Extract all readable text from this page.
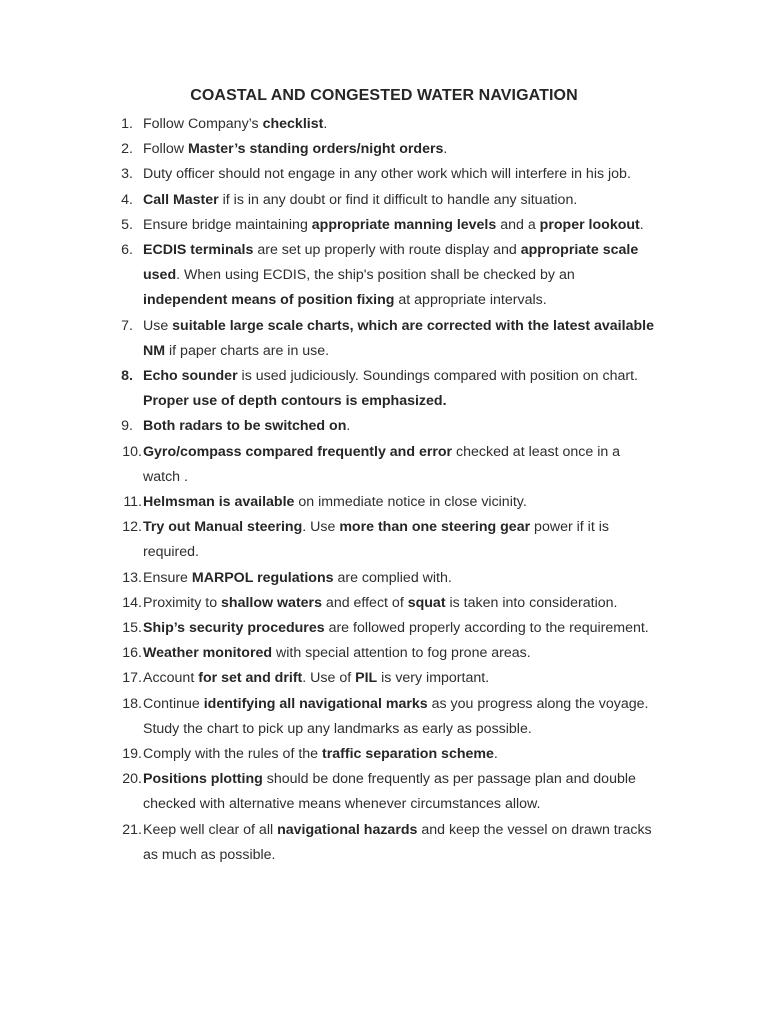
COASTAL AND CONGESTED WATER NAVIGATION
1. Follow Company’s checklist.
2. Follow Master’s standing orders/night orders.
3. Duty officer should not engage in any other work which will interfere in his job.
4. Call Master if is in any doubt or find it difficult to handle any situation.
5. Ensure bridge maintaining appropriate manning levels and a proper lookout.
6. ECDIS terminals are set up properly with route display and appropriate scale used. When using ECDIS, the ship's position shall be checked by an independent means of position fixing at appropriate intervals.
7. Use suitable large scale charts, which are corrected with the latest available NM if paper charts are in use.
8. Echo sounder is used judiciously. Soundings compared with position on chart. Proper use of depth contours is emphasized.
9. Both radars to be switched on.
10. Gyro/compass compared frequently and error checked at least once in a watch .
11. Helmsman is available on immediate notice in close vicinity.
12. Try out Manual steering. Use more than one steering gear power if it is required.
13. Ensure MARPOL regulations are complied with.
14. Proximity to shallow waters and effect of squat is taken into consideration.
15. Ship’s security procedures are followed properly according to the requirement.
16. Weather monitored with special attention to fog prone areas.
17. Account for set and drift. Use of PIL is very important.
18. Continue identifying all navigational marks as you progress along the voyage. Study the chart to pick up any landmarks as early as possible.
19. Comply with the rules of the traffic separation scheme.
20. Positions plotting should be done frequently as per passage plan and double checked with alternative means whenever circumstances allow.
21. Keep well clear of all navigational hazards and keep the vessel on drawn tracks as much as possible.
